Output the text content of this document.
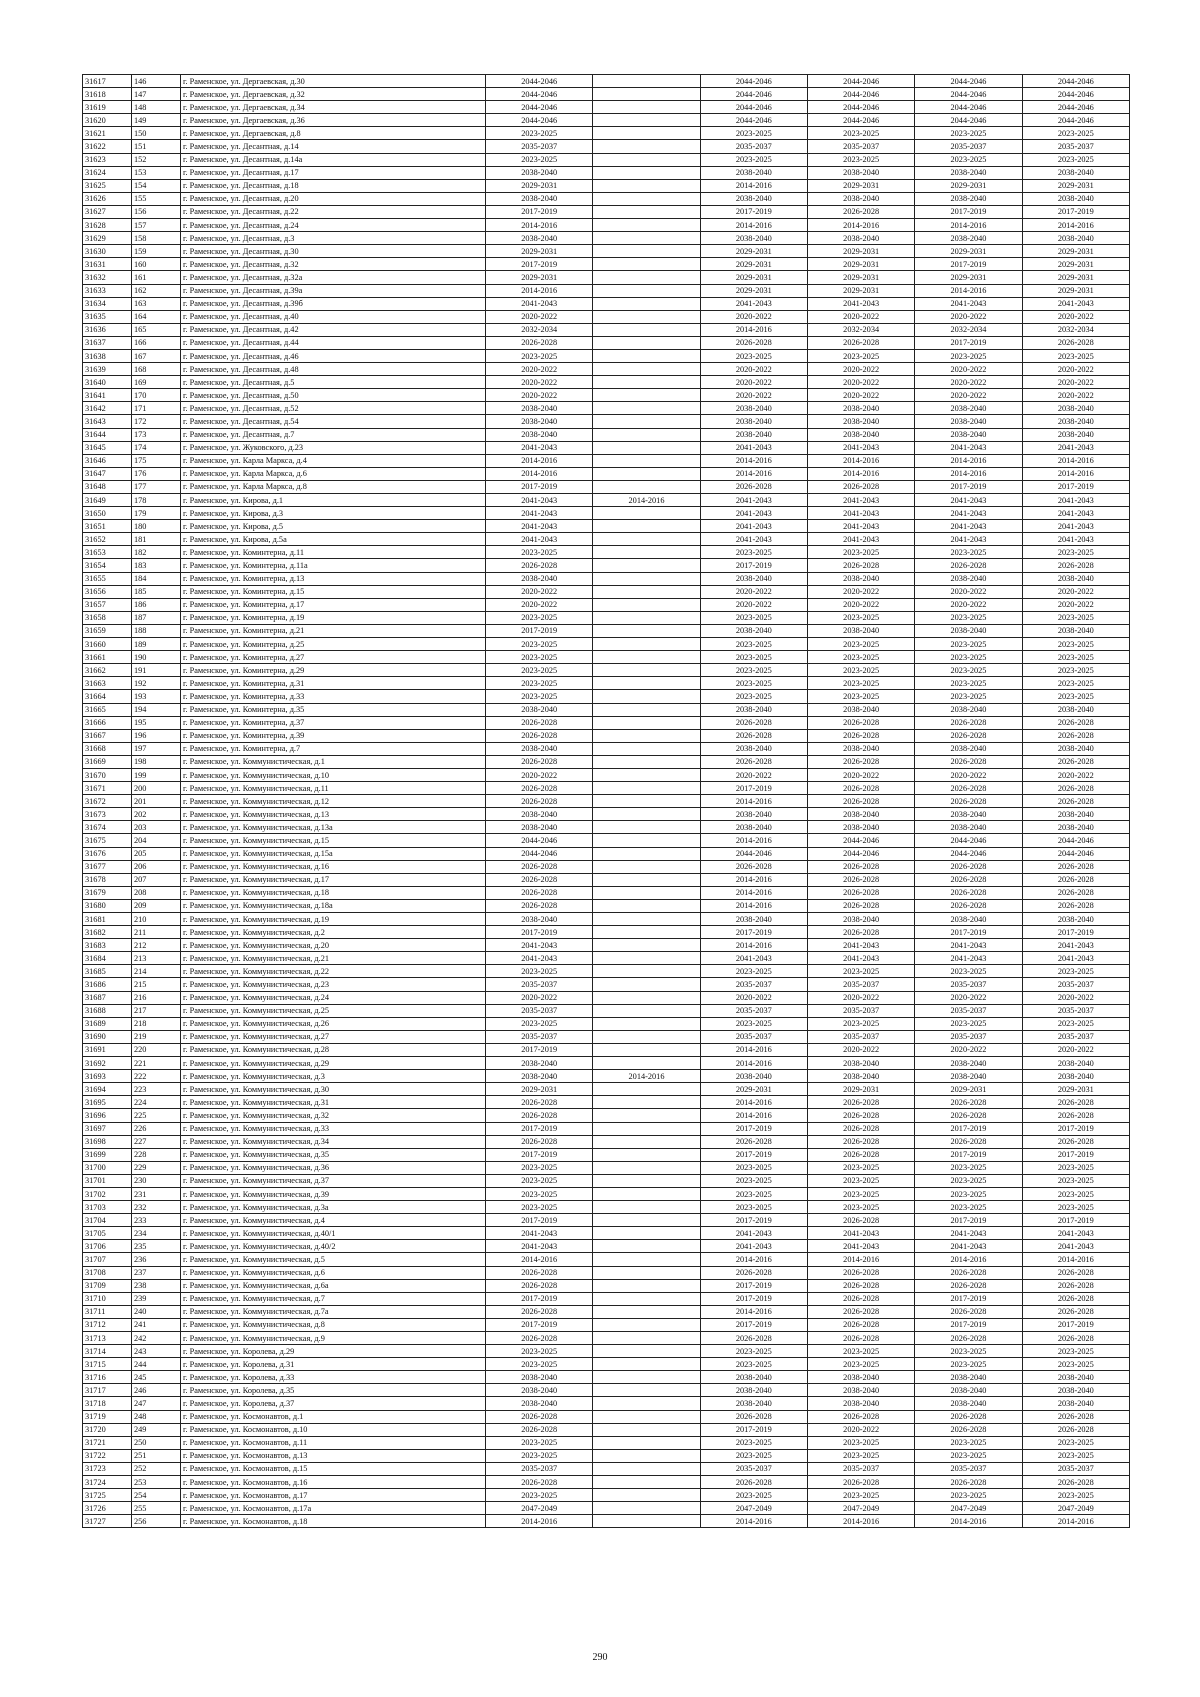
31617	146	г. Раменское, ул. Дергаевская, д.30	2044-2046		2044-2046	2044-2046	2044-2046	2044-2046
31618	147	г. Раменское, ул. Дергаевская, д.32	2044-2046		2044-2046	2044-2046	2044-2046	2044-2046
31619	148	г. Раменское, ул. Дергаевская, д.34	2044-2046		2044-2046	2044-2046	2044-2046	2044-2046
31620	149	г. Раменское, ул. Дергаевская, д.36	2044-2046		2044-2046	2044-2046	2044-2046	2044-2046
31621	150	г. Раменское, ул. Дергаевская, д.8	2023-2025		2023-2025	2023-2025	2023-2025	2023-2025
31622	151	г. Раменское, ул. Десантная, д.14	2035-2037		2035-2037	2035-2037	2035-2037	2035-2037
31623	152	г. Раменское, ул. Десантная, д.14а	2023-2025		2023-2025	2023-2025	2023-2025	2023-2025
31624	153	г. Раменское, ул. Десантная, д.17	2038-2040		2038-2040	2038-2040	2038-2040	2038-2040
31625	154	г. Раменское, ул. Десантная, д.18	2029-2031		2014-2016	2029-2031	2029-2031	2029-2031
31626	155	г. Раменское, ул. Десантная, д.20	2038-2040		2038-2040	2038-2040	2038-2040	2038-2040
31627	156	г. Раменское, ул. Десантная, д.22	2017-2019		2017-2019	2026-2028	2017-2019	2017-2019
31628	157	г. Раменское, ул. Десантная, д.24	2014-2016		2014-2016	2014-2016	2014-2016	2014-2016
31629	158	г. Раменское, ул. Десантная, д.3	2038-2040		2038-2040	2038-2040	2038-2040	2038-2040
31630	159	г. Раменское, ул. Десантная, д.30	2029-2031		2029-2031	2029-2031	2029-2031	2029-2031
31631	160	г. Раменское, ул. Десантная, д.32	2017-2019		2029-2031	2029-2031	2017-2019	2029-2031
31632	161	г. Раменское, ул. Десантная, д.32а	2029-2031		2029-2031	2029-2031	2029-2031	2029-2031
31633	162	г. Раменское, ул. Десантная, д.39а	2014-2016		2029-2031	2029-2031	2014-2016	2029-2031
31634	163	г. Раменское, ул. Десантная, д.39б	2041-2043		2041-2043	2041-2043	2041-2043	2041-2043
31635	164	г. Раменское, ул. Десантная, д.40	2020-2022		2020-2022	2020-2022	2020-2022	2020-2022
31636	165	г. Раменское, ул. Десантная, д.42	2032-2034		2014-2016	2032-2034	2032-2034	2032-2034
31637	166	г. Раменское, ул. Десантная, д.44	2026-2028		2026-2028	2026-2028	2017-2019	2026-2028
31638	167	г. Раменское, ул. Десантная, д.46	2023-2025		2023-2025	2023-2025	2023-2025	2023-2025
31639	168	г. Раменское, ул. Десантная, д.48	2020-2022		2020-2022	2020-2022	2020-2022	2020-2022
31640	169	г. Раменское, ул. Десантная, д.5	2020-2022		2020-2022	2020-2022	2020-2022	2020-2022
31641	170	г. Раменское, ул. Десантная, д.50	2020-2022		2020-2022	2020-2022	2020-2022	2020-2022
31642	171	г. Раменское, ул. Десантная, д.52	2038-2040		2038-2040	2038-2040	2038-2040	2038-2040
31643	172	г. Раменское, ул. Десантная, д.54	2038-2040		2038-2040	2038-2040	2038-2040	2038-2040
31644	173	г. Раменское, ул. Десантная, д.7	2038-2040		2038-2040	2038-2040	2038-2040	2038-2040
31645	174	г. Раменское, ул. Жуковского, д.23	2041-2043		2041-2043	2041-2043	2041-2043	2041-2043
31646	175	г. Раменское, ул. Карла Маркса, д.4	2014-2016		2014-2016	2014-2016	2014-2016	2014-2016
31647	176	г. Раменское, ул. Карла Маркса, д.6	2014-2016		2014-2016	2014-2016	2014-2016	2014-2016
31648	177	г. Раменское, ул. Карла Маркса, д.8	2017-2019		2026-2028	2026-2028	2017-2019	2017-2019
31649	178	г. Раменское, ул. Кирова, д.1	2041-2043	2014-2016	2041-2043	2041-2043	2041-2043	2041-2043
31650	179	г. Раменское, ул. Кирова, д.3	2041-2043		2041-2043	2041-2043	2041-2043	2041-2043
31651	180	г. Раменское, ул. Кирова, д.5	2041-2043		2041-2043	2041-2043	2041-2043	2041-2043
31652	181	г. Раменское, ул. Кирова, д.5а	2041-2043		2041-2043	2041-2043	2041-2043	2041-2043
31653	182	г. Раменское, ул. Коминтерна, д.11	2023-2025		2023-2025	2023-2025	2023-2025	2023-2025
31654	183	г. Раменское, ул. Коминтерна, д.11а	2026-2028		2017-2019	2026-2028	2026-2028	2026-2028
31655	184	г. Раменское, ул. Коминтерна, д.13	2038-2040		2038-2040	2038-2040	2038-2040	2038-2040
31656	185	г. Раменское, ул. Коминтерна, д.15	2020-2022		2020-2022	2020-2022	2020-2022	2020-2022
31657	186	г. Раменское, ул. Коминтерна, д.17	2020-2022		2020-2022	2020-2022	2020-2022	2020-2022
31658	187	г. Раменское, ул. Коминтерна, д.19	2023-2025		2023-2025	2023-2025	2023-2025	2023-2025
31659	188	г. Раменское, ул. Коминтерна, д.21	2017-2019		2038-2040	2038-2040	2038-2040	2038-2040
31660	189	г. Раменское, ул. Коминтерна, д.25	2023-2025		2023-2025	2023-2025	2023-2025	2023-2025
31661	190	г. Раменское, ул. Коминтерна, д.27	2023-2025		2023-2025	2023-2025	2023-2025	2023-2025
31662	191	г. Раменское, ул. Коминтерна, д.29	2023-2025		2023-2025	2023-2025	2023-2025	2023-2025
31663	192	г. Раменское, ул. Коминтерна, д.31	2023-2025		2023-2025	2023-2025	2023-2025	2023-2025
31664	193	г. Раменское, ул. Коминтерна, д.33	2023-2025		2023-2025	2023-2025	2023-2025	2023-2025
31665	194	г. Раменское, ул. Коминтерна, д.35	2038-2040		2038-2040	2038-2040	2038-2040	2038-2040
31666	195	г. Раменское, ул. Коминтерна, д.37	2026-2028		2026-2028	2026-2028	2026-2028	2026-2028
31667	196	г. Раменское, ул. Коминтерна, д.39	2026-2028		2026-2028	2026-2028	2026-2028	2026-2028
31668	197	г. Раменское, ул. Коминтерна, д.7	2038-2040		2038-2040	2038-2040	2038-2040	2038-2040
31669	198	г. Раменское, ул. Коммунистическая, д.1	2026-2028		2026-2028	2026-2028	2026-2028	2026-2028
31670	199	г. Раменское, ул. Коммунистическая, д.10	2020-2022		2020-2022	2020-2022	2020-2022	2020-2022
31671	200	г. Раменское, ул. Коммунистическая, д.11	2026-2028		2017-2019	2026-2028	2026-2028	2026-2028
31672	201	г. Раменское, ул. Коммунистическая, д.12	2026-2028		2014-2016	2026-2028	2026-2028	2026-2028
31673	202	г. Раменское, ул. Коммунистическая, д.13	2038-2040		2038-2040	2038-2040	2038-2040	2038-2040
31674	203	г. Раменское, ул. Коммунистическая, д.13а	2038-2040		2038-2040	2038-2040	2038-2040	2038-2040
31675	204	г. Раменское, ул. Коммунистическая, д.15	2044-2046		2014-2016	2044-2046	2044-2046	2044-2046
31676	205	г. Раменское, ул. Коммунистическая, д.15а	2044-2046		2044-2046	2044-2046	2044-2046	2044-2046
31677	206	г. Раменское, ул. Коммунистическая, д.16	2026-2028		2026-2028	2026-2028	2026-2028	2026-2028
31678	207	г. Раменское, ул. Коммунистическая, д.17	2026-2028		2014-2016	2026-2028	2026-2028	2026-2028
31679	208	г. Раменское, ул. Коммунистическая, д.18	2026-2028		2014-2016	2026-2028	2026-2028	2026-2028
31680	209	г. Раменское, ул. Коммунистическая, д.18а	2026-2028		2014-2016	2026-2028	2026-2028	2026-2028
31681	210	г. Раменское, ул. Коммунистическая, д.19	2038-2040		2038-2040	2038-2040	2038-2040	2038-2040
31682	211	г. Раменское, ул. Коммунистическая, д.2	2017-2019		2017-2019	2026-2028	2017-2019	2017-2019
31683	212	г. Раменское, ул. Коммунистическая, д.20	2041-2043		2014-2016	2041-2043	2041-2043	2041-2043
31684	213	г. Раменское, ул. Коммунистическая, д.21	2041-2043		2041-2043	2041-2043	2041-2043	2041-2043
31685	214	г. Раменское, ул. Коммунистическая, д.22	2023-2025		2023-2025	2023-2025	2023-2025	2023-2025
31686	215	г. Раменское, ул. Коммунистическая, д.23	2035-2037		2035-2037	2035-2037	2035-2037	2035-2037
31687	216	г. Раменское, ул. Коммунистическая, д.24	2020-2022		2020-2022	2020-2022	2020-2022	2020-2022
31688	217	г. Раменское, ул. Коммунистическая, д.25	2035-2037		2035-2037	2035-2037	2035-2037	2035-2037
31689	218	г. Раменское, ул. Коммунистическая, д.26	2023-2025		2023-2025	2023-2025	2023-2025	2023-2025
31690	219	г. Раменское, ул. Коммунистическая, д.27	2035-2037		2035-2037	2035-2037	2035-2037	2035-2037
31691	220	г. Раменское, ул. Коммунистическая, д.28	2017-2019		2014-2016	2020-2022	2020-2022	2020-2022
31692	221	г. Раменское, ул. Коммунистическая, д.29	2038-2040		2014-2016	2038-2040	2038-2040	2038-2040
31693	222	г. Раменское, ул. Коммунистическая, д.3	2038-2040	2014-2016	2038-2040	2038-2040	2038-2040	2038-2040
31694	223	г. Раменское, ул. Коммунистическая, д.30	2029-2031		2029-2031	2029-2031	2029-2031	2029-2031
31695	224	г. Раменское, ул. Коммунистическая, д.31	2026-2028		2014-2016	2026-2028	2026-2028	2026-2028
31696	225	г. Раменское, ул. Коммунистическая, д.32	2026-2028		2014-2016	2026-2028	2026-2028	2026-2028
31697	226	г. Раменское, ул. Коммунистическая, д.33	2017-2019		2017-2019	2026-2028	2017-2019	2017-2019
31698	227	г. Раменское, ул. Коммунистическая, д.34	2026-2028		2026-2028	2026-2028	2026-2028	2026-2028
31699	228	г. Раменское, ул. Коммунистическая, д.35	2017-2019		2017-2019	2026-2028	2017-2019	2017-2019
31700	229	г. Раменское, ул. Коммунистическая, д.36	2023-2025		2023-2025	2023-2025	2023-2025	2023-2025
31701	230	г. Раменское, ул. Коммунистическая, д.37	2023-2025		2023-2025	2023-2025	2023-2025	2023-2025
31702	231	г. Раменское, ул. Коммунистическая, д.39	2023-2025		2023-2025	2023-2025	2023-2025	2023-2025
31703	232	г. Раменское, ул. Коммунистическая, д.3а	2023-2025		2023-2025	2023-2025	2023-2025	2023-2025
31704	233	г. Раменское, ул. Коммунистическая, д.4	2017-2019		2017-2019	2026-2028	2017-2019	2017-2019
31705	234	г. Раменское, ул. Коммунистическая, д.40/1	2041-2043		2041-2043	2041-2043	2041-2043	2041-2043
31706	235	г. Раменское, ул. Коммунистическая, д.40/2	2041-2043		2041-2043	2041-2043	2041-2043	2041-2043
31707	236	г. Раменское, ул. Коммунистическая, д.5	2014-2016		2014-2016	2014-2016	2014-2016	2014-2016
31708	237	г. Раменское, ул. Коммунистическая, д.6	2026-2028		2026-2028	2026-2028	2026-2028	2026-2028
31709	238	г. Раменское, ул. Коммунистическая, д.6а	2026-2028		2017-2019	2026-2028	2026-2028	2026-2028
31710	239	г. Раменское, ул. Коммунистическая, д.7	2017-2019		2017-2019	2026-2028	2017-2019	2026-2028
31711	240	г. Раменское, ул. Коммунистическая, д.7а	2026-2028		2014-2016	2026-2028	2026-2028	2026-2028
31712	241	г. Раменское, ул. Коммунистическая, д.8	2017-2019		2017-2019	2026-2028	2017-2019	2017-2019
31713	242	г. Раменское, ул. Коммунистическая, д.9	2026-2028		2026-2028	2026-2028	2026-2028	2026-2028
31714	243	г. Раменское, ул. Королева, д.29	2023-2025		2023-2025	2023-2025	2023-2025	2023-2025
31715	244	г. Раменское, ул. Королева, д.31	2023-2025		2023-2025	2023-2025	2023-2025	2023-2025
31716	245	г. Раменское, ул. Королева, д.33	2038-2040		2038-2040	2038-2040	2038-2040	2038-2040
31717	246	г. Раменское, ул. Королева, д.35	2038-2040		2038-2040	2038-2040	2038-2040	2038-2040
31718	247	г. Раменское, ул. Королева, д.37	2038-2040		2038-2040	2038-2040	2038-2040	2038-2040
31719	248	г. Раменское, ул. Космонавтов, д.1	2026-2028		2026-2028	2026-2028	2026-2028	2026-2028
31720	249	г. Раменское, ул. Космонавтов, д.10	2026-2028		2017-2019	2020-2022	2026-2028	2026-2028
31721	250	г. Раменское, ул. Космонавтов, д.11	2023-2025		2023-2025	2023-2025	2023-2025	2023-2025
31722	251	г. Раменское, ул. Космонавтов, д.13	2023-2025		2023-2025	2023-2025	2023-2025	2023-2025
31723	252	г. Раменское, ул. Космонавтов, д.15	2035-2037		2035-2037	2035-2037	2035-2037	2035-2037
31724	253	г. Раменское, ул. Космонавтов, д.16	2026-2028		2026-2028	2026-2028	2026-2028	2026-2028
31725	254	г. Раменское, ул. Космонавтов, д.17	2023-2025		2023-2025	2023-2025	2023-2025	2023-2025
31726	255	г. Раменское, ул. Космонавтов, д.17а	2047-2049		2047-2049	2047-2049	2047-2049	2047-2049
31727	256	г. Раменское, ул. Космонавтов, д.18	2014-2016		2014-2016	2014-2016	2014-2016	2014-2016
290
